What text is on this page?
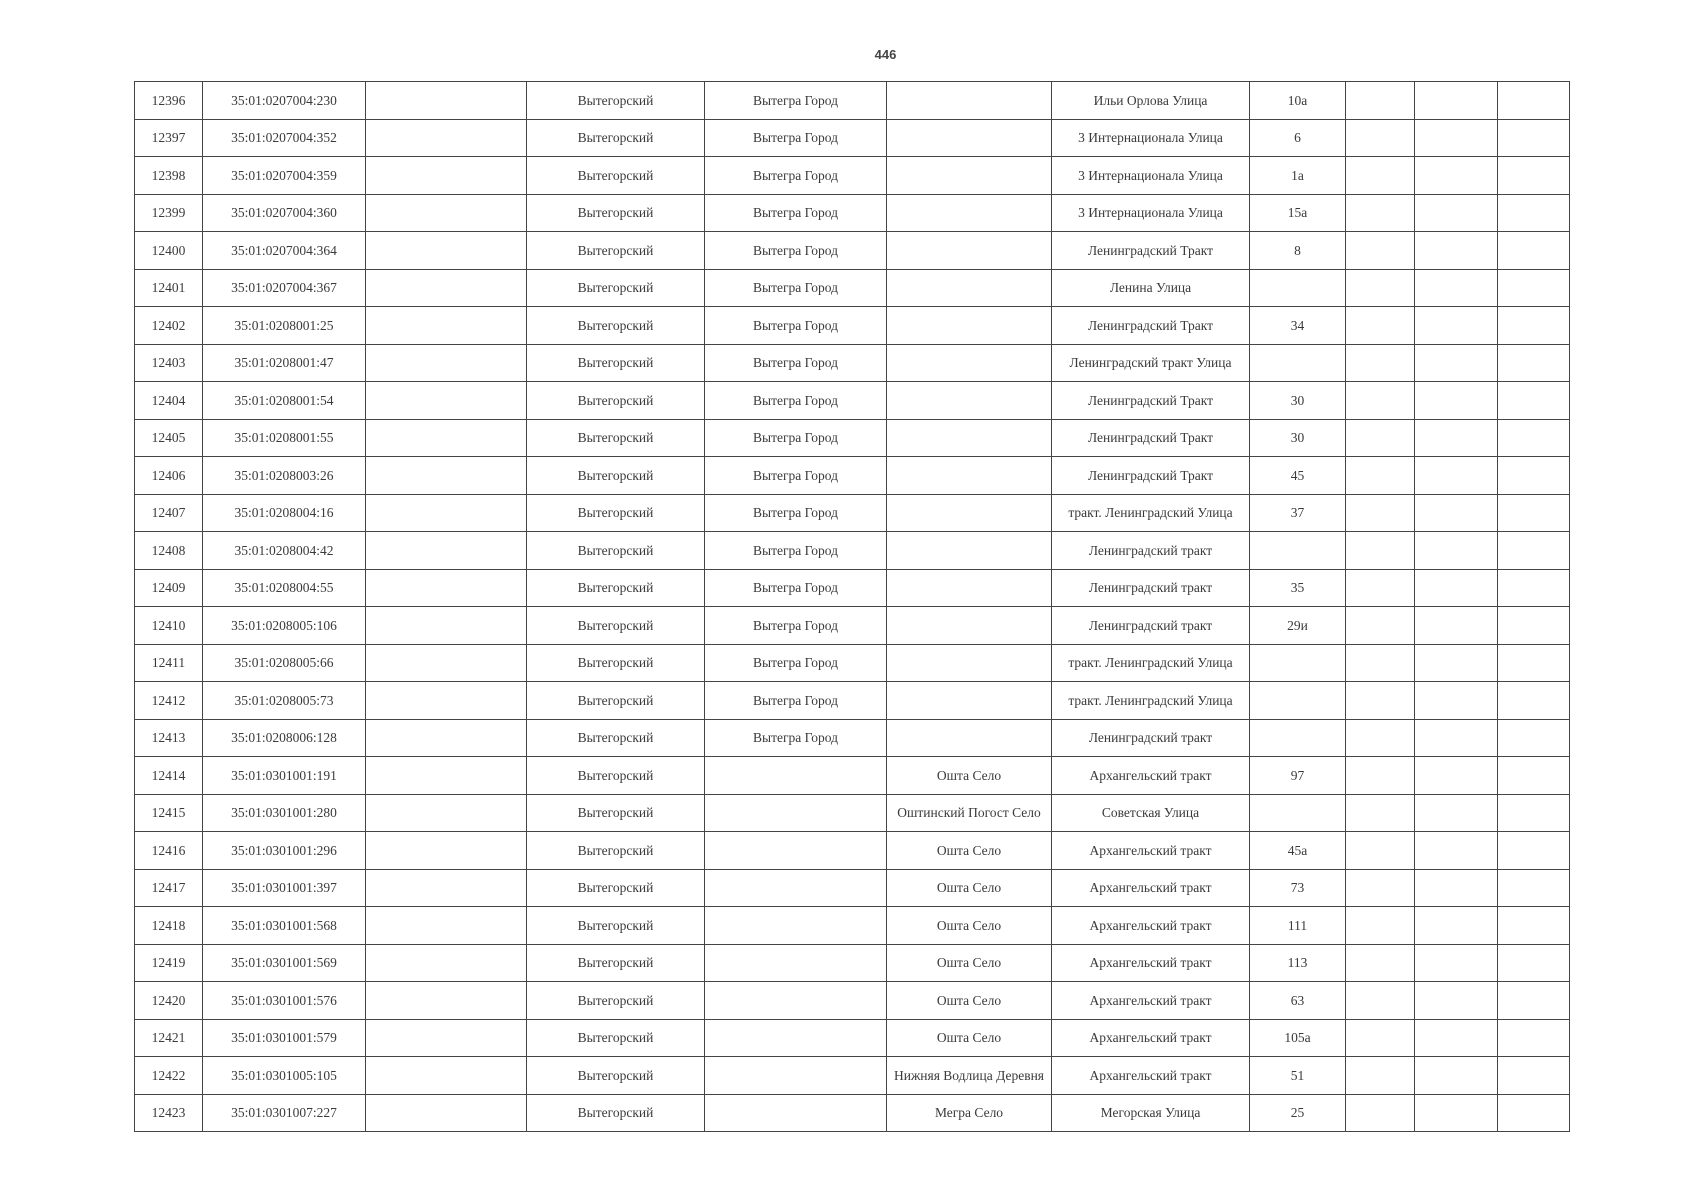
446
12396	35:01:0207004:230		Вытегорский	Вытегра Город		Ильи Орлова Улица	10а			
12397	35:01:0207004:352		Вытегорский	Вытегра Город		3 Интернационала Улица	6			
12398	35:01:0207004:359		Вытегорский	Вытегра Город		3 Интернационала Улица	1а			
12399	35:01:0207004:360		Вытегорский	Вытегра Город		3 Интернационала Улица	15а			
12400	35:01:0207004:364		Вытегорский	Вытегра Город		Ленинградский Тракт	8			
12401	35:01:0207004:367		Вытегорский	Вытегра Город		Ленина Улица				
12402	35:01:0208001:25		Вытегорский	Вытегра Город		Ленинградский Тракт	34			
12403	35:01:0208001:47		Вытегорский	Вытегра Город		Ленинградский тракт Улица				
12404	35:01:0208001:54		Вытегорский	Вытегра Город		Ленинградский Тракт	30			
12405	35:01:0208001:55		Вытегорский	Вытегра Город		Ленинградский Тракт	30			
12406	35:01:0208003:26		Вытегорский	Вытегра Город		Ленинградский Тракт	45			
12407	35:01:0208004:16		Вытегорский	Вытегра Город		тракт. Ленинградский Улица	37			
12408	35:01:0208004:42		Вытегорский	Вытегра Город		Ленинградский тракт				
12409	35:01:0208004:55		Вытегорский	Вытегра Город		Ленинградский тракт	35			
12410	35:01:0208005:106		Вытегорский	Вытегра Город		Ленинградский тракт	29и			
12411	35:01:0208005:66		Вытегорский	Вытегра Город		тракт. Ленинградский Улица				
12412	35:01:0208005:73		Вытегорский	Вытегра Город		тракт. Ленинградский Улица				
12413	35:01:0208006:128		Вытегорский	Вытегра Город		Ленинградский тракт				
12414	35:01:0301001:191		Вытегорский		Ошта Село	Архангельский тракт	97			
12415	35:01:0301001:280		Вытегорский		Оштинский Погост Село	Советская Улица				
12416	35:01:0301001:296		Вытегорский		Ошта Село	Архангельский тракт	45а			
12417	35:01:0301001:397		Вытегорский		Ошта Село	Архангельский тракт	73			
12418	35:01:0301001:568		Вытегорский		Ошта Село	Архангельский тракт	111			
12419	35:01:0301001:569		Вытегорский		Ошта Село	Архангельский тракт	113			
12420	35:01:0301001:576		Вытегорский		Ошта Село	Архангельский тракт	63			
12421	35:01:0301001:579		Вытегорский		Ошта Село	Архангельский тракт	105а			
12422	35:01:0301005:105		Вытегорский		Нижняя Водлица Деревня	Архангельский тракт	51			
12423	35:01:0301007:227		Вытегорский		Мегра Село	Мегорская Улица	25			
